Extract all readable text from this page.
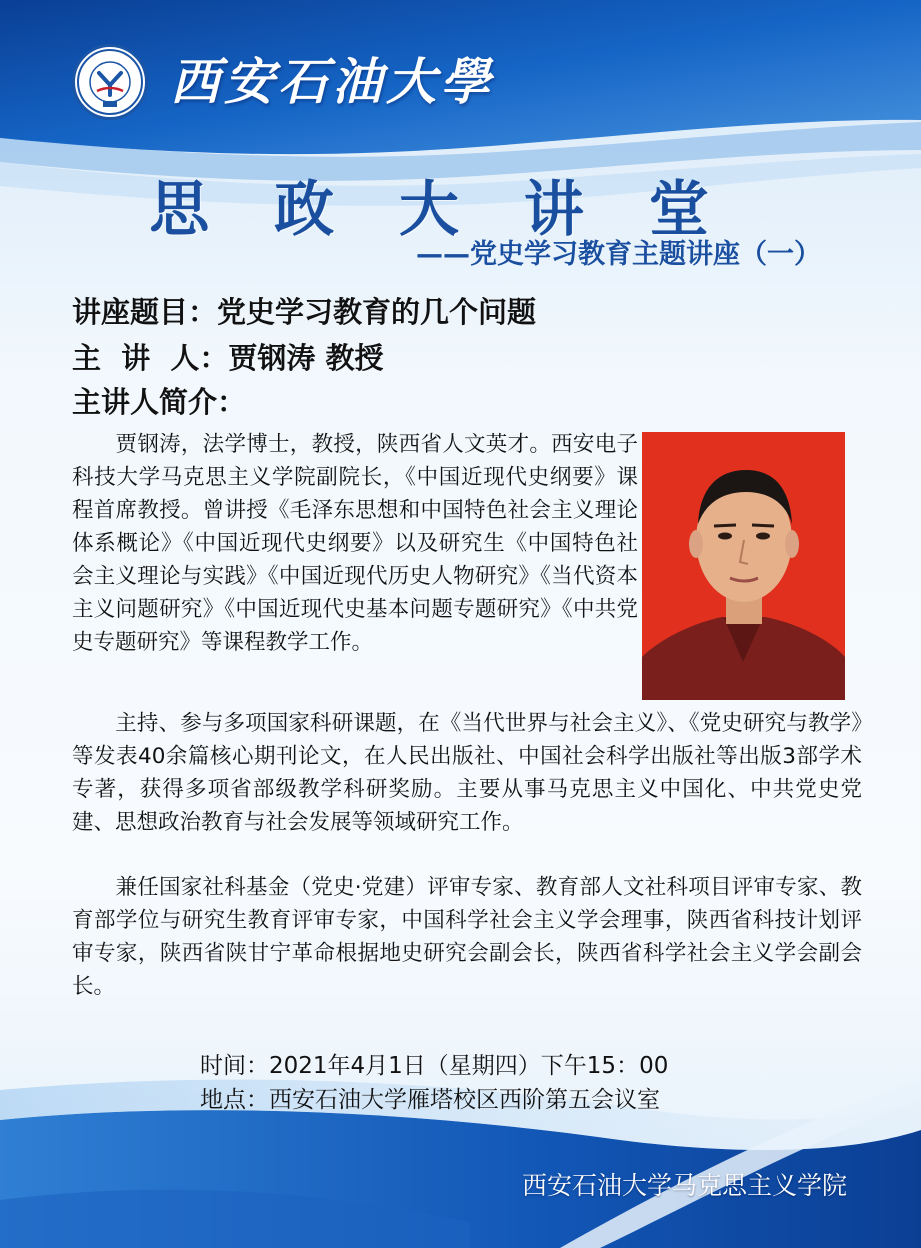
西安石油大學
思 政 大 讲 堂
——党史学习教育主题讲座（一）
讲座题目：党史学习教育的几个问题
主  讲  人：贾钢涛 教授
主讲人简介：
　　贾钢涛，法学博士，教授，陕西省人文英才。西安电子科技大学马克思主义学院副院长，《中国近现代史纲要》课程首席教授。曾讲授《毛泽东思想和中国特色社会主义理论体系概论》《中国近现代史纲要》以及研究生《中国特色社会主义理论与实践》《中国近现代历史人物研究》《当代资本主义问题研究》《中国近现代史基本问题专题研究》《中共党史专题研究》等课程教学工作。
　　主持、参与多项国家科研课题，在《当代世界与社会主义》、《党史研究与教学》等发表40余篇核心期刊论文，在人民出版社、中国社会科学出版社等出版3部学术专著，获得多项省部级教学科研奖励。主要从事马克思主义中国化、中共党史党建、思想政治教育与社会发展等领域研究工作。
　　兼任国家社科基金（党史·党建）评审专家、教育部人文社科项目评审专家、教育部学位与研究生教育评审专家，中国科学社会主义学会理事，陕西省科技计划评审专家，陕西省陕甘宁革命根据地史研究会副会长，陕西省科学社会主义学会副会长。
时间：2021年4月1日（星期四）下午15：00
地点：西安石油大学雁塔校区西阶第五会议室
西安石油大学马克思主义学院
